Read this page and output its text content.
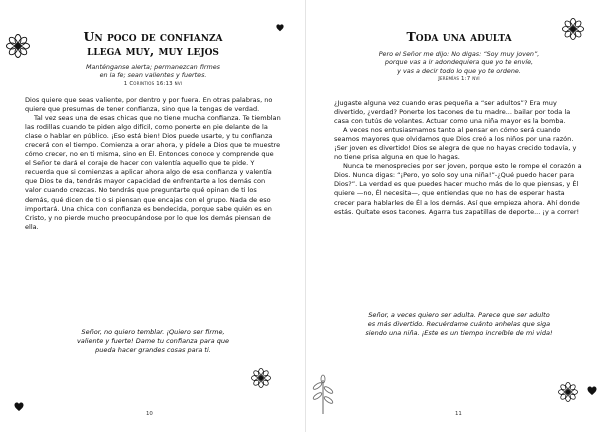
Un poco de confianza
llega muy, muy lejos
Manténganse alerta; permanezcan firmes
en la fe; sean valientes y fuertes.
1 Corintios 16:13 nvi

Dios quiere que seas valiente, por dentro y por fuera. En otras palabras, no quiere que presumas de tener confianza, sino que la tengas de verdad.

Tal vez seas una de esas chicas que no tiene mucha confianza. Te tiemblan las rodillas cuando te piden algo difícil, como ponerte en pie delante de la clase o hablar en público. ¡Eso está bien! Dios puede usarte, y tu confianza crecerá con el tiempo. Comienza a orar ahora, y pídele a Dios que te muestre cómo crecer, no en ti misma, sino en Él. Entonces conoce y comprende que el Señor te dará el coraje de hacer con valentía aquello que te pide. Y recuerda que si comienzas a aplicar ahora algo de esa confianza y valentía que Dios te da, tendrás mayor capacidad de enfrentarte a los demás con valor cuando crezcas. No tendrás que preguntarte qué opinan de ti los demás, qué dicen de ti o si piensan que encajas con el grupo. Nada de eso importará. Una chica con confianza es bendecida, porque sabe quién es en Cristo, y no pierde mucho preocupándose por lo que los demás piensan de ella.

Señor, no quiero temblar. ¡Quiero ser firme,
valiente y fuerte! Dame tu confianza para que
pueda hacer grandes cosas para ti.
10
Toda una adulta
Pero el Señor me dijo: No digas: “Soy muy joven”,
porque vas a ir adondequiera que yo te envíe,
y vas a decir todo lo que yo te ordene.
Jeremías 1:7 nvi

¿Jugaste alguna vez cuando eras pequeña a “ser adultos”? Era muy divertido, ¿verdad? Ponerte los tacones de tu madre... bailar por toda la casa con tutús de volantes. Actuar como una niña mayor es la bomba.

A veces nos entusiasmamos tanto al pensar en cómo será cuando seamos mayores que olvidamos que Dios creó a los niños por una razón. ¡Ser joven es divertido! Dios se alegra de que no hayas crecido todavía, y no tiene prisa alguna en que lo hagas.

Nunca te menosprecies por ser joven, porque esto le rompe el corazón a Dios. Nunca digas: “¡Pero, yo solo soy una niña!”-¿Qué puedo hacer para Dios?”. La verdad es que puedes hacer mucho más de lo que piensas, y Él quiere —no, Él necesita—, que entiendas que no has de esperar hasta crecer para hablarles de Él a los demás. Así que empieza ahora. Ahí donde estás. Quítate esos tacones. Agarra tus zapatillas de deporte... ¡y a correr!

Señor, a veces quiero ser adulta. Parece que ser adulto
es más divertido. Recuérdame cuánto anhelas que siga
siendo una niña. ¡Este es un tiempo increíble de mi vida!
11
